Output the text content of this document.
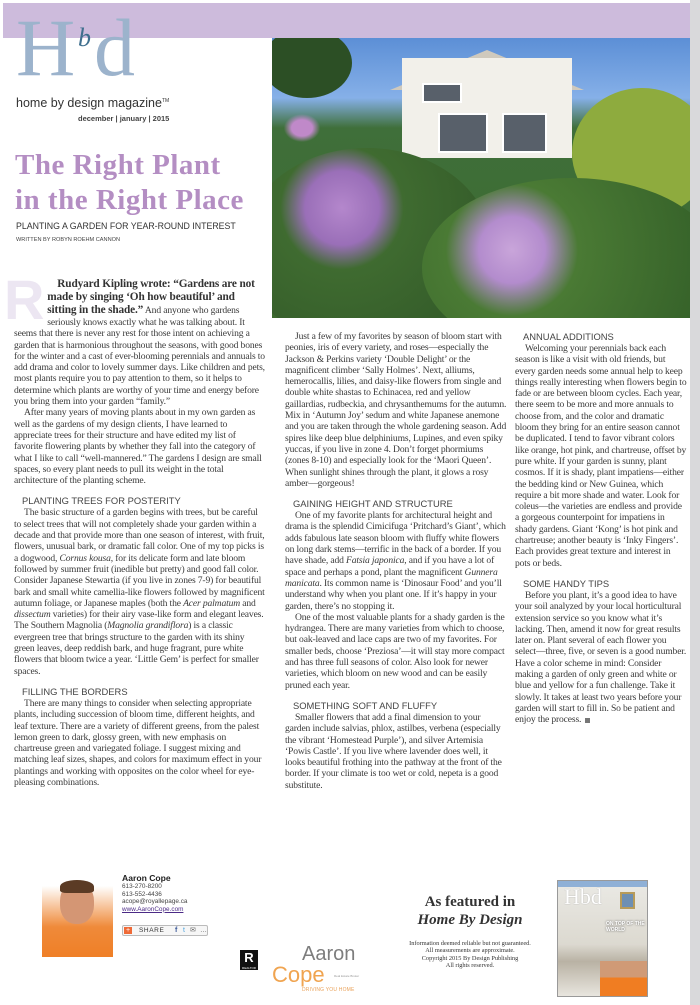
H b d
home by design magazine™
december | january | 2015
The Right Plant
in the Right Place
PLANTING A GARDEN FOR YEAR-ROUND INTEREST
WRITTEN BY ROBYN ROEHM CANNON

R Rudyard Kipling wrote: “Gardens are not made by singing ‘Oh how beautiful’ and sitting in the shade.” And anyone who gardens seriously knows exactly what he was talking about. It seems that there is never any rest for those intent on achieving a garden that is harmonious throughout the seasons, with good bones for the winter and a cast of ever-blooming perennials and annuals to add drama and color to lovely summer days. Like children and pets, most plants require you to pay attention to them, so it helps to determine which plants are worthy of your time and energy before you bring them into your garden “family.”

After many years of moving plants about in my own garden as well as the gardens of my design clients, I have learned to appreciate trees for their structure and have edited my list of favorite flowering plants by whether they fall into the category of what I like to call “well-mannered.” The gardens I design are small spaces, so every plant needs to pull its weight in the total architecture of the planting scheme.

PLANTING TREES FOR POSTERITY

The basic structure of a garden begins with trees, but be careful to select trees that will not completely shade your garden within a decade and that provide more than one season of interest, with fruit, flowers, unusual bark, or dramatic fall color. One of my top picks is a dogwood, Cornus kousa, for its delicate form and late bloom followed by summer fruit (inedible but pretty) and good fall color. Consider Japanese Stewartia (if you live in zones 7-9) for beautiful bark and small white camellia-like flowers followed by magnificent autumn foliage, or Japanese maples (both the Acer palmatum and dissectum varieties) for their airy vase-like form and elegant leaves. The Southern Magnolia (Magnolia grandiflora) is a classic evergreen tree that brings structure to the garden with its shiny green leaves, deep reddish bark, and huge fragrant, pure white flowers that bloom twice a year. ‘Little Gem’ is perfect for smaller spaces.

FILLING THE BORDERS

There are many things to consider when selecting appropriate plants, including succession of bloom time, different heights, and leaf texture. There are a variety of different greens, from the palest lemon green to dark, glossy green, with new emphasis on chartreuse green and variegated foliage. I suggest mixing and matching leaf sizes, shapes, and colors for maximum effect in your plantings and working with opposites on the color wheel for eye-pleasing combinations.

Just a few of my favorites by season of bloom start with peonies, iris of every variety, and roses—especially the Jackson & Perkins variety ‘Double Delight’ or the magnificent climber ‘Sally Holmes’. Next, alliums, hemerocallis, lilies, and daisy-like flowers from single and double white shastas to Echinacea, red and yellow gaillardias, rudbeckia, and chrysanthemums for the autumn. Mix in ‘Autumn Joy’ sedum and white Japanese anemone and you are taken through the whole gardening season. Add spires like deep blue delphiniums, Lupines, and even spiky yuccas, if you live in zone 4. Don’t forget phormiums (zones 8-10) and especially look for the ‘Maori Queen’. When sunlight shines through the plant, it glows a rosy amber—gorgeous!

GAINING HEIGHT AND STRUCTURE

One of my favorite plants for architectural height and drama is the splendid Cimicifuga ‘Pritchard’s Giant’, which adds fabulous late season bloom with fluffy white flowers on long dark stems—terrific in the back of a border. If you have shade, add Fatsia japonica, and if you have a lot of space and perhaps a pond, plant the magnificent Gunnera manicata. Its common name is ‘Dinosaur Food’ and you’ll understand why when you plant one. If it’s happy in your garden, there’s no stopping it.

One of the most valuable plants for a shady garden is the hydrangea. There are many varieties from which to choose, but oak-leaved and lace caps are two of my favorites. For smaller beds, choose ‘Preziosa’—it will stay more compact and has three full seasons of color. Also look for newer varieties, which bloom on new wood and can be easily pruned each year.

SOMETHING SOFT AND FLUFFY

Smaller flowers that add a final dimension to your garden include salvias, phlox, astilbes, verbena (especially the vibrant ‘Homestead Purple’), and silver Artemisia ‘Powis Castle’. If you live where lavender does well, it looks beautiful frothing into the pathway at the front of the border. If your climate is too wet or cold, nepeta is a good substitute.

ANNUAL ADDITIONS

Welcoming your perennials back each season is like a visit with old friends, but every garden needs some annual help to keep things really interesting when flowers begin to fade or are between bloom cycles. Each year, there seem to be more and more annuals to choose from, and the color and dramatic bloom they bring for an entire season cannot be duplicated. I tend to favor vibrant colors like orange, hot pink, and chartreuse, offset by pure white. If your garden is sunny, plant cosmos. If it is shady, plant impatiens—either the bedding kind or New Guinea, which require a bit more shade and water. Look for coleus—the varieties are endless and provide a gorgeous counterpoint for impatiens in shady gardens. Giant ‘Kong’ is hot pink and chartreuse; another beauty is ‘Inky Fingers’. Each provides great texture and interest in pots or beds.

SOME HANDY TIPS

Before you plant, it’s a good idea to have your soil analyzed by your local horticultural extension service so you know what it’s lacking. Then, amend it now for great results later on. Plant several of each flower you select—three, five, or seven is a good number. Have a color scheme in mind: Consider making a garden of only green and white or blue and yellow for a fun challenge. Take it slowly. It takes at least two years before your garden will start to fill in. So be patient and enjoy the process.

Aaron Cope
613-270-8200
613-552-4436
acope@royallepage.ca
www.AaronCope.com
+	SHARE f t ✉ …
R
REALTOR
Aaron
Cope	Real Estate Broker
DRIVING YOU HOME
As featured in
Home By Design
Information deemed reliable but not guaranteed.
All measurements are approximate.
Copyright 2015 By Design Publishing
All rights reserved.
Hbd
ON TOP OF THE WORLD
